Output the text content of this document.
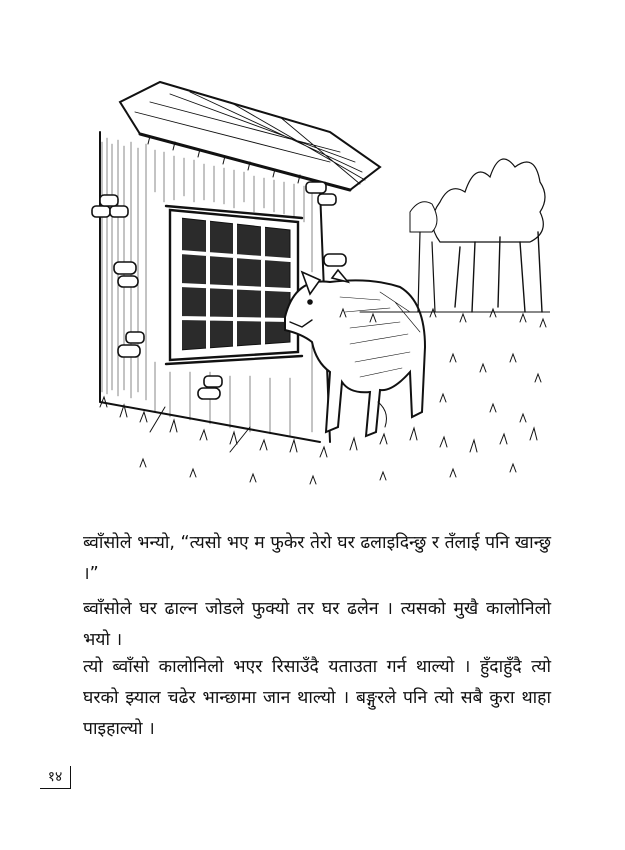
ब्वाँसोले भन्यो, “त्यसो भए म फुकेर तेरो घर ढलाइदिन्छु र तँलाई पनि खान्छु ।”

ब्वाँसोले घर ढाल्न जोडले फुक्यो तर घर ढलेन । त्यसको मुखै कालोनिलो भयो ।

त्यो ब्वाँसो कालोनिलो भएर रिसाउँदै यताउता गर्न थाल्यो । हुँदाहुँदै त्यो घरको झ्याल चढेर भान्छामा जान थाल्यो । बङ्गुरले पनि त्यो सबै कुरा थाहा पाइहाल्यो ।

१४
